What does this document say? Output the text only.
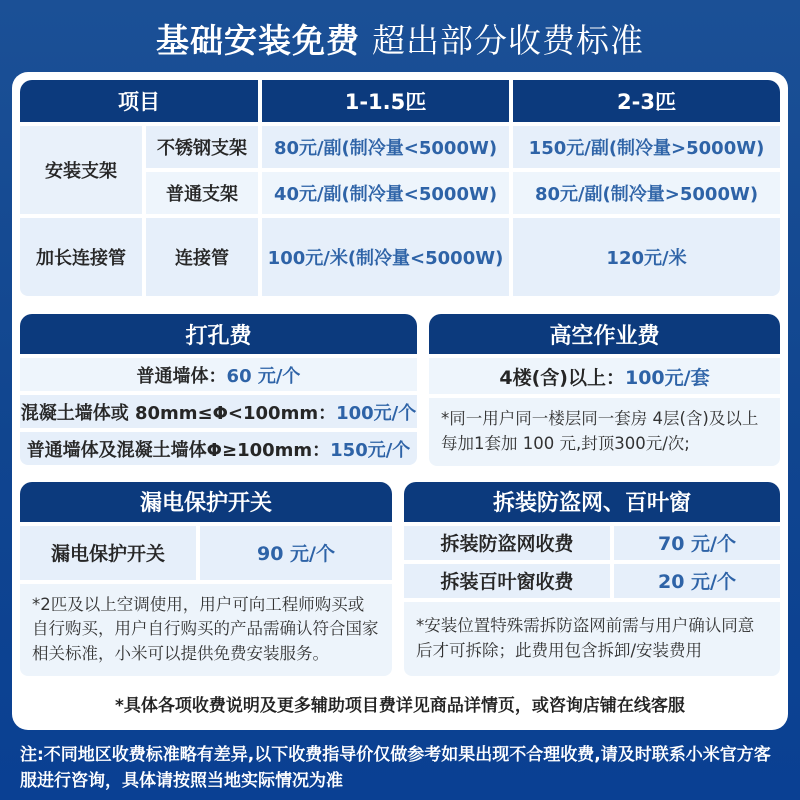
基础安装免费 超出部分收费标准
项目	1-1.5匹	2-3匹
安装支架
不锈钢支架	80元/副(制冷量<5000W)	150元/副(制冷量>5000W)
普通支架	40元/副(制冷量<5000W)	80元/副(制冷量>5000W)
加长连接管	连接管	100元/米(制冷量<5000W)	120元/米
打孔费
普通墙体： 60 元/个
混凝土墙体或 80mm≤Φ<100mm： 100元/个
普通墙体及混凝土墙体Φ≥100mm： 150元/个
高空作业费
4楼(含)以上： 100元/套
*同一用户同一楼层同一套房 4层(含)及以上每加1套加 100 元,封顶300元/次;
漏电保护开关
漏电保护开关	90 元/个
*2匹及以上空调使用，用户可向工程师购买或自行购买，用户自行购买的产品需确认符合国家相关标准，小米可以提供免费安装服务。
拆装防盗网、百叶窗
拆装防盗网收费	70 元/个
拆装百叶窗收费	20 元/个
*安装位置特殊需拆防盗网前需与用户确认同意后才可拆除；此费用包含拆卸/安装费用
*具体各项收费说明及更多辅助项目费详见商品详情页，或咨询店铺在线客服
注:不同地区收费标准略有差异,以下收费指导价仅做参考如果出现不合理收费,请及时联系小米官方客服进行咨询，具体请按照当地实际情况为准
